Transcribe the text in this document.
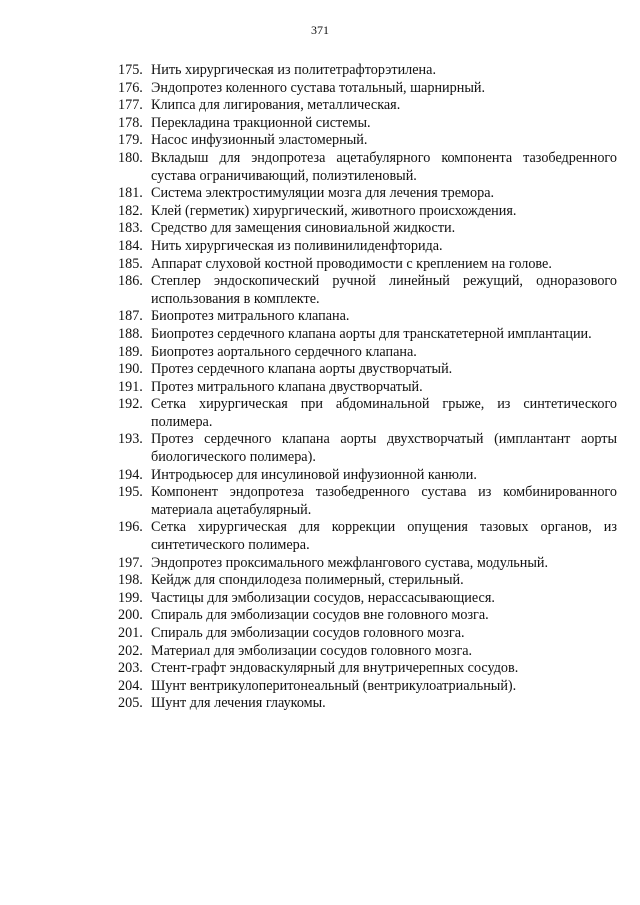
371
175. Нить хирургическая из политетрафторэтилена.
176. Эндопротез коленного сустава тотальный, шарнирный.
177. Клипса для лигирования, металлическая.
178. Перекладина тракционной системы.
179. Насос инфузионный эластомерный.
180. Вкладыш для эндопротеза ацетабулярного компонента тазобедренного сустава ограничивающий, полиэтиленовый.
181. Система электростимуляции мозга для лечения тремора.
182. Клей (герметик) хирургический, животного происхождения.
183. Средство для замещения синовиальной жидкости.
184. Нить хирургическая из поливинилиденфторида.
185. Аппарат слуховой костной проводимости с креплением на голове.
186. Степлер эндоскопический ручной линейный режущий, одноразового использования в комплекте.
187. Биопротез митрального клапана.
188. Биопротез сердечного клапана аорты для транскатетерной имплантации.
189. Биопротез аортального сердечного клапана.
190. Протез сердечного клапана аорты двустворчатый.
191. Протез митрального клапана двустворчатый.
192. Сетка хирургическая при абдоминальной грыже, из синтетического полимера.
193. Протез сердечного клапана аорты двухстворчатый (имплантант аорты биологического полимера).
194. Интродьюсер для инсулиновой инфузионной канюли.
195. Компонент эндопротеза тазобедренного сустава из комбинированного материала ацетабулярный.
196. Сетка хирургическая для коррекции опущения тазовых органов, из синтетического полимера.
197. Эндопротез проксимального межфлангового сустава, модульный.
198. Кейдж для спондилодеза полимерный, стерильный.
199. Частицы для эмболизации сосудов, нерассасывающиеся.
200. Спираль для эмболизации сосудов вне головного мозга.
201. Спираль для эмболизации сосудов головного мозга.
202. Материал для эмболизации сосудов головного мозга.
203. Стент-графт эндоваскулярный для внутричерепных сосудов.
204. Шунт вентрикулоперитонеальный (вентрикулоатриальный).
205. Шунт для лечения глаукомы.
